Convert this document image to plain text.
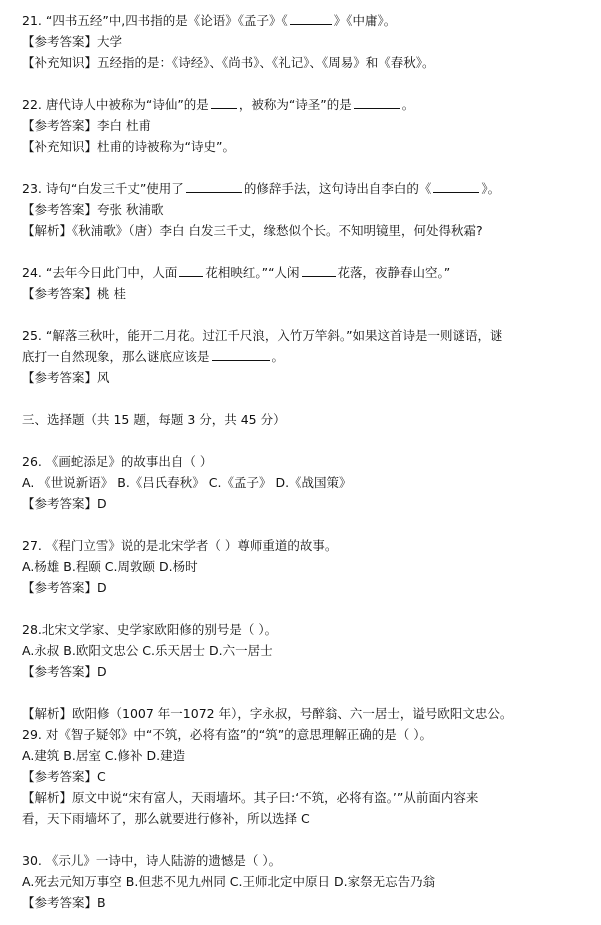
21. “四书五经”中,四书指的是《论语》《孟子》《	》《中庸》。
【参考答案】大学
【补充知识】五经指的是：《诗经》、《尚书》、《礼记》、《周易》和《春秋》。
22. 唐代诗人中被称为“诗仙”的是 ，被称为“诗圣”的是	。
【参考答案】李白 杜甫
【补充知识】杜甫的诗被称为“诗史”。
23. 诗句“白发三千丈”使用了	的修辞手法，这句诗出自李白的《	》。
【参考答案】夸张 秋浦歌
【解析】《秋浦歌》（唐）李白 白发三千丈，缘愁似个长。不知明镜里，何处得秋霜?
24. “去年今日此门中，人面 花相映红。”“人闲	花落，夜静春山空。”
【参考答案】桃 桂
25. “解落三秋叶，能开二月花。过江千尺浪，入竹万竿斜。”如果这首诗是一则谜语，谜
底打一自然现象，那么谜底应该是	。
【参考答案】风
三、选择题（共 15 题，每题 3 分，共 45 分）
26. 《画蛇添足》的故事出自（ ）
A. 《世说新语》 B.《吕氏春秋》 C.《孟子》 D.《战国策》
【参考答案】D
27. 《程门立雪》说的是北宋学者（ ）尊师重道的故事。
A.杨雄 B.程颐 C.周敦颐 D.杨时
【参考答案】D
28.北宋文学家、史学家欧阳修的别号是（ ）。
A.永叔 B.欧阳文忠公 C.乐天居士 D.六一居士
【参考答案】D
【解析】欧阳修（1007 年一1072 年），字永叔，号醉翁、六一居士，谥号欧阳文忠公。
29. 对《智子疑邻》中“不筑，必将有盗”的“筑”的意思理解正确的是（ ）。
A.建筑 B.居室 C.修补 D.建造
【参考答案】C
【解析】原文中说“宋有富人，天雨墙坏。其子曰:‘不筑，必将有盗。’”从前面内容来
看，天下雨墙坏了，那么就要进行修补，所以选择 C
30. 《示儿》一诗中，诗人陆游的遗憾是（ ）。
A.死去元知万事空 B.但悲不见九州同 C.王师北定中原日 D.家祭无忘告乃翁
【参考答案】B
